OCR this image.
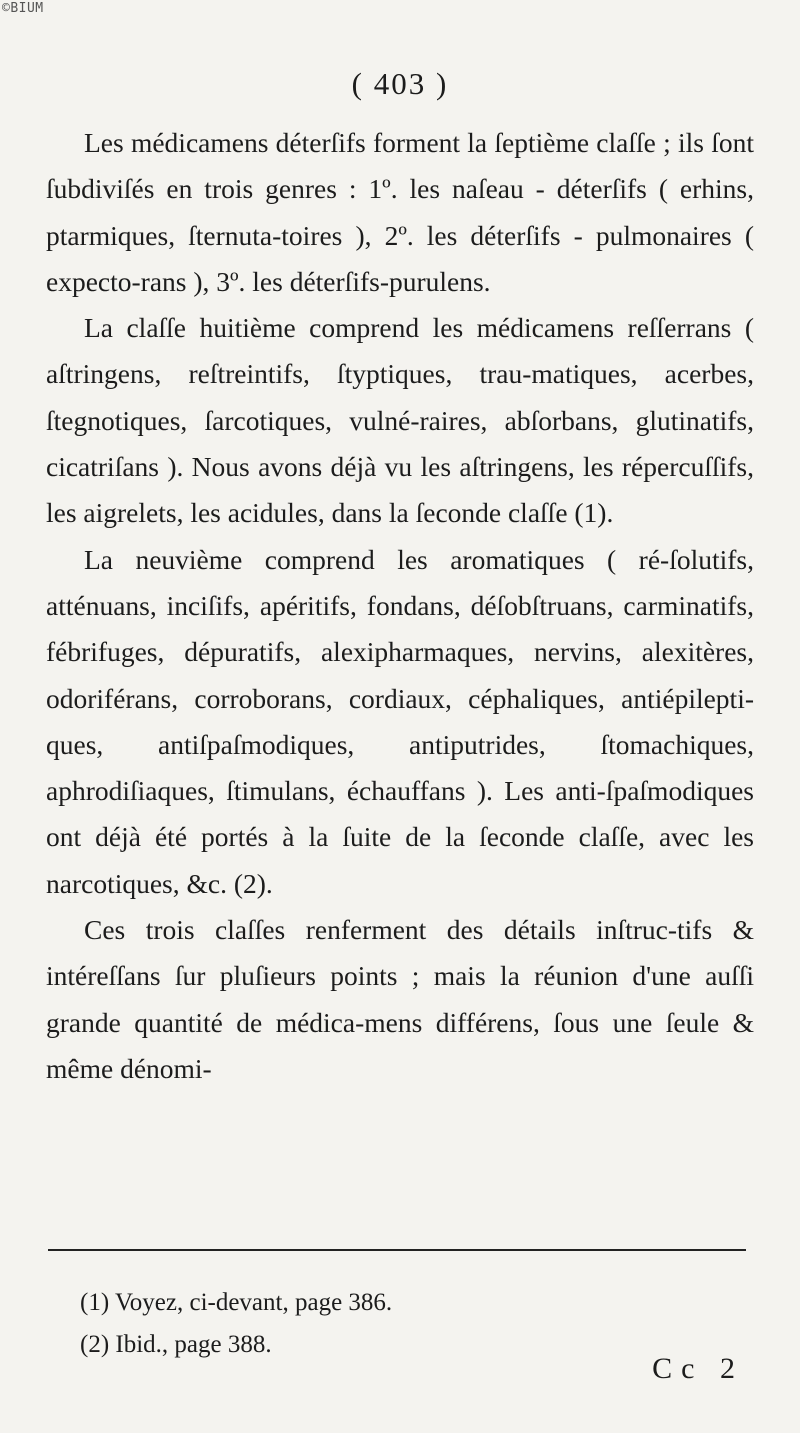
©BIUM
( 403 )

Les médicamens déterſifs forment la ſeptième claſſe ; ils ſont ſubdiviſés en trois genres : 1º. les naſeau - déterſifs ( erhins, ptarmiques, ſternuta-toires ), 2º. les déterſifs - pulmonaires ( expecto-rans ), 3º. les déterſifs-purulens.

La claſſe huitième comprend les médicamens reſſerrans ( aſtringens, reſtreintifs, ſtyptiques, trau-matiques, acerbes, ſtegnotiques, ſarcotiques, vulné-raires, abſorbans, glutinatifs, cicatriſans ). Nous avons déjà vu les aſtringens, les répercuſſifs, les aigrelets, les acidules, dans la ſeconde claſſe (1).

La neuvième comprend les aromatiques ( ré-ſolutifs, atténuans, inciſifs, apéritifs, fondans, déſobſtruans, carminatifs, fébrifuges, dépuratifs, alexipharmaques, nervins, alexitères, odoriférans, corroborans, cordiaux, céphaliques, antiépilepti-ques, antiſpaſmodiques, antiputrides, ſtomachiques, aphrodiſiaques, ſtimulans, échauffans ). Les anti-ſpaſmodiques ont déjà été portés à la ſuite de la ſeconde claſſe, avec les narcotiques, &c. (2).

Ces trois claſſes renferment des détails inſtruc-tifs & intéreſſans ſur pluſieurs points ; mais la réunion d'une auſſi grande quantité de médica-mens différens, ſous une ſeule & même dénomi-

(1) Voyez, ci-devant, page 386.

(2) Ibid., page 388.

Cc 2
